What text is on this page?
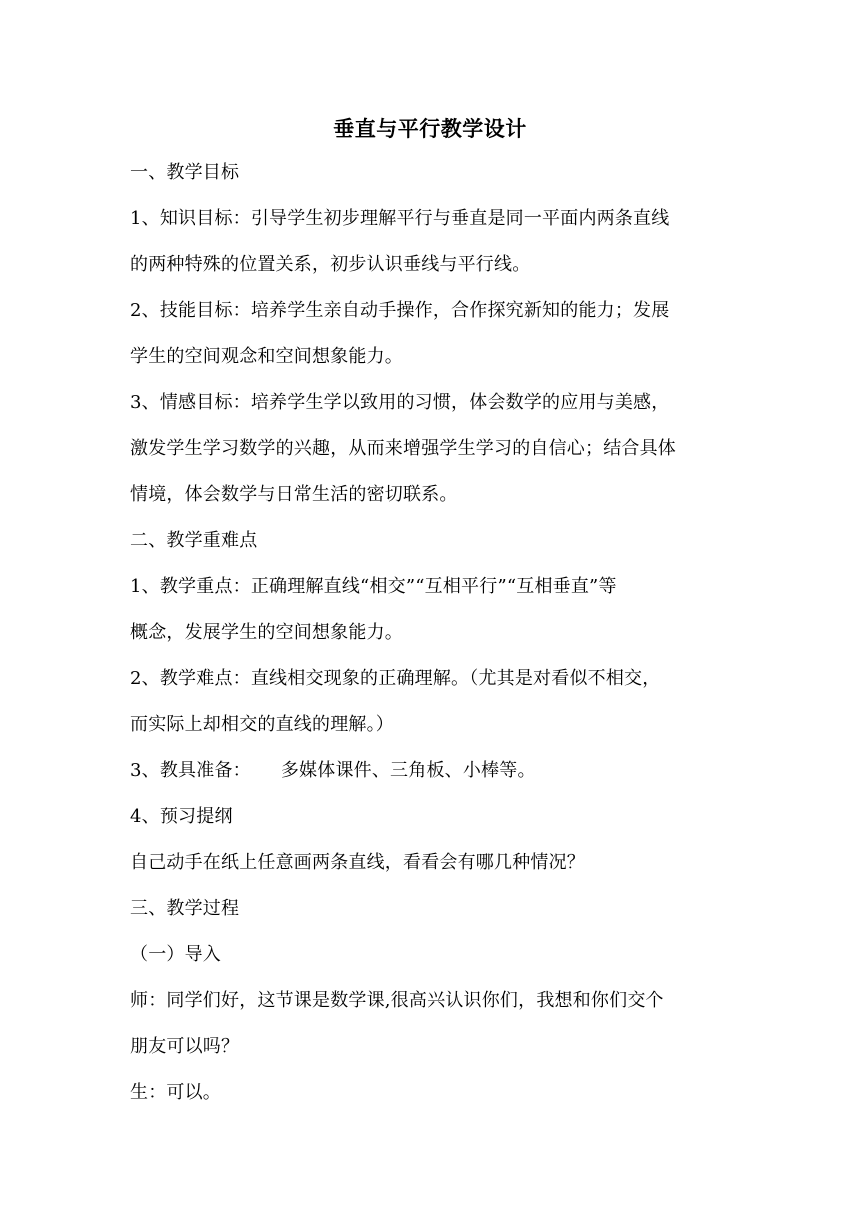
垂直与平行教学设计
一、教学目标
1、知识目标：引导学生初步理解平行与垂直是同一平面内两条直线
的两种特殊的位置关系，初步认识垂线与平行线。
2、技能目标：培养学生亲自动手操作，合作探究新知的能力；发展
学生的空间观念和空间想象能力。
3、情感目标：培养学生学以致用的习惯，体会数学的应用与美感，
激发学生学习数学的兴趣，从而来增强学生学习的自信心；结合具体
情境，体会数学与日常生活的密切联系。
二、教学重难点
1、教学重点：正确理解直线“相交”“互相平行”“互相垂直”等
概念，发展学生的空间想象能力。
2、教学难点：直线相交现象的正确理解。（尤其是对看似不相交，
而实际上却相交的直线的理解。）
3、教具准备： 多媒体课件、三角板、小棒等。
4、预习提纲
自己动手在纸上任意画两条直线，看看会有哪几种情况？
三、教学过程
（一）导入
师：同学们好，这节课是数学课,很高兴认识你们，我想和你们交个
朋友可以吗？
生：可以。
